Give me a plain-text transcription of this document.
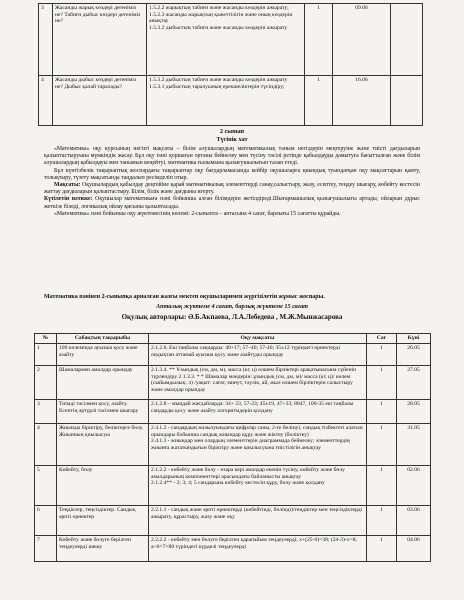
3	Жасанды жарық көздері дегеніміз не? Табиғи дыбыс көздері дегеніміз не?	1.5.2.2 жарықтың табиғи және жасанды көздерін ажырату;
1.5.2.3 жасанды жарықтың қажеттілігін және оның көздерін анықтау
1.5.3.2 дыбыстың табиғи және жасанды көздерін ажырату	1	09.06	
4	Жасанды дыбыс көздері дегеніміз не? Дыбыс қалай таралады?	1.5.3.2 дыбыстың табиғи және жасанды көздерін ажырату
1.5.3.1 дыбыстың таралуының ерекшеліктерін түсіндіру;	1	16.06	
2 сынып
Түсінік хат
«Математика» оқу курсының негізгі мақсаты – білім алушылардың математикалық таным негіздерін меңгеруіне және тиісті дағдыларын қалыптастыруына мүмкіндік жасау. Бұл оқу пәні қоршаған ортаны бейнелеу мен түсіну тәсілі ретінде қабылдауды дамытуға бағытталған және білім алушылардың қабылдауы мен танымын кеңейтуі, математика ғылымына қызығушылығын талап етеді.
Бұл күнтізбелік тақырыптық жоспардағы тақырыптар оқу бағдарламасында кейбір оқушыларға қиындық туындатқан оқу мақсаттарын қамту, толықтыру, түзету мақсатында таңдалып ресімделіп отыр.
Мақсаты: Оқушылардың қабылдау деңгейіне қарай математикалық элементтерді санау,салыстыру, жазу, есептеу, теңдеу шығару, көбейту кестесін жаттау дағдыларын қалыптастыру. Білім, білік және дағдыны игерту.
Күтілетін нәтиже: Оқушылар математикаға пәні бойынша алған білімдерін жетілдіреді.Шығармашылық қызығушылығы артады, ойларын дұрыс жеткізе біледі, логикалық ойлау қисыны қалыптасады.
«Математика» пәні бойынша оқу жүктемесінің көлемі: 2-сыныпта – аптасына 4 сағат, барлығы 15 сағатты құрайды.
Математика пәнінен 2-сыныпқа арналған жазғы мектеп оқушыларимен жүргізілетін жұмыс жоспары.
Апталық жүктеме 4 сағат, барлық жүктеме 15 сағат
Оқулық авторлары: Ә.Б.Акпаева, Л.А.Лебедева , М.Ж.Мынжасарова
№	Сабақтың тақырыбы	Оқу мақсаты	Сағ	Күні
1	100 көлемінде ауызша қосу және азайту	2.1.2.6. Екі таңбалы сандарды: 40+17; 57–40; 57-40; 35±12 түріндегі өрнектерді ондықтан аттамай ауызша қосу және азайтуды орындау	1	26.05
2	Шамалармен амалдар орындау	2.1.3.4. ** Ұзындық (см, дм, м), масса (кг, ц) өлшем бірліктері арақатынасына сүйеніп түрлендіру 2.1.3.3. * * Шамалар мәндерін: ұзындық (см, дм, м)/ масса (кг, ц)/ көлем (сыйымдылық: л) /уақыт: сағат, минут, тәулік, ай, жыл өлшем бірліктерін салыстыру және амалдар орындау	1	27.05
3	Тиімді тәсілмен қосу, азайту. Есептің әртүрлі тәсілмен шығару	2.1.2.8 – мыңдай жағдайларда: 34+ 23, 57-23; 45±19, 47+33; 8047, 100-35 екі таңбалы сандарды қосу және азайту алгоритмдерін қолдану	1	28.05
4	Жиынды біріктіру, бөліктерге бөлу. Жиынның қиылысуы	2.4.1.2 - сандардың жазылуындағы цифрлар саны, 2-ге бөлінуі, сандық тізбектегі алатын орындары бойынша сандық жиындар құру және жіктеу (бөліктеу)
2.4.1.3 - жиындар мен олардың элементтерін диаграммада бейнелеу; элементтердің жиынға жататындығын біріктіру және қиылысуына тиістілігін анықтау	1	31.05
5	Көбейту, бөлу	2.1.2.2 - көбейту және бөлу - өзара кері амалдар екенін түсіну, көбейту және бөлу амалдарының компоненттері арасындағы байланысты анықтау
2.1.2.4** - 2; 3; 4; 5 сандарына көбейту кестесін құру, бөлу және қолдану	1	02.06
6	Теңдіктер, теңсіздіктер. Сандық әрпті өрнектер	2.2.1.1 - сандық және әрпті өрнектерді (көбейтінді, бөлінді)/теңдіктер мен теңсіздіктерді ажырату, құрастыру, жазу және оқу	1	03.06
7	Көбейту және бөлуге берілген теңдеулерді шешу	2.2.2.2 - көбейту мен бөлуге берілген қарапайым теңдеулерді; x+(25-6)=38; (24-3)-x=8; a+6=7+80 түріндегі күрделі теңдеулерді	1	04.06
